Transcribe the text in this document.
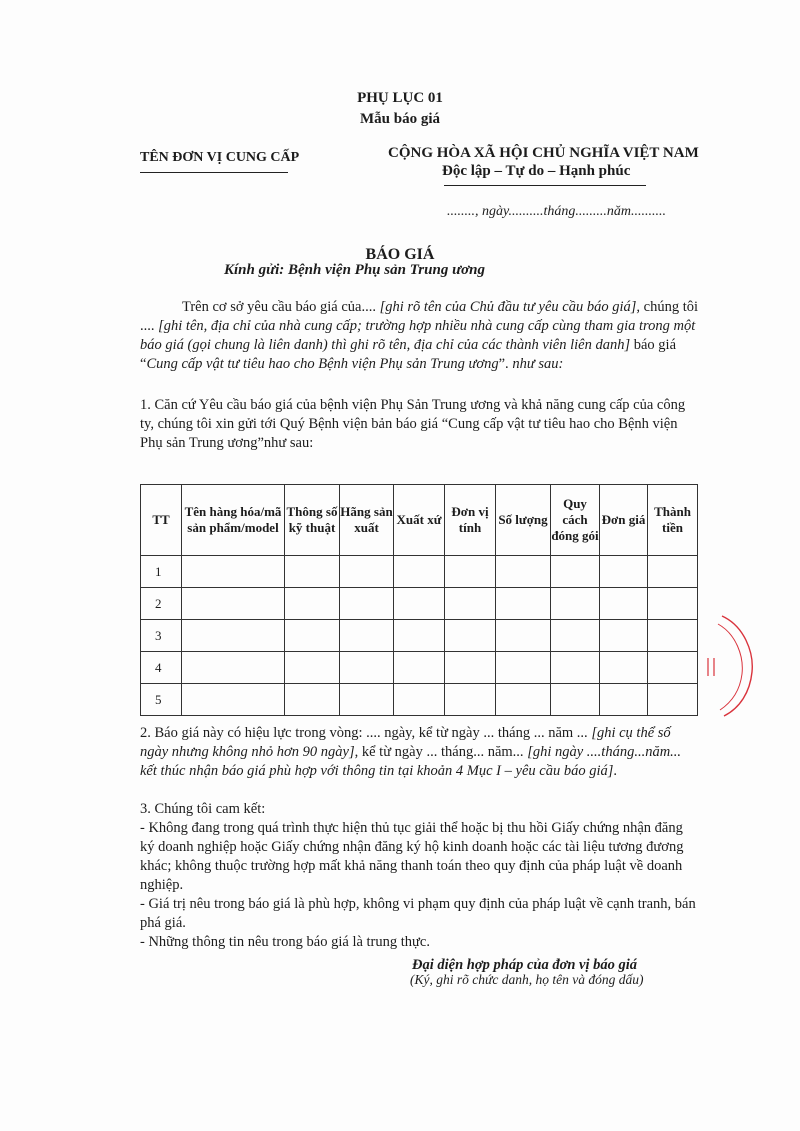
PHỤ LỤC 01
Mẫu báo giá
TÊN ĐƠN VỊ CUNG CẤP	CỘNG HÒA XÃ HỘI CHỦ NGHĨA VIỆT NAM
Độc lập – Tự do – Hạnh phúc
........, ngày..........tháng.........năm..........
BÁO GIÁ
Kính gửi: Bệnh viện Phụ sản Trung ương
Trên cơ sở yêu cầu báo giá của.... [ghi rõ tên của Chủ đầu tư yêu cầu báo giá], chúng tôi .... [ghi tên, địa chỉ của nhà cung cấp; trường hợp nhiều nhà cung cấp cùng tham gia trong một báo giá (gọi chung là liên danh) thì ghi rõ tên, địa chỉ của các thành viên liên danh] báo giá “Cung cấp vật tư tiêu hao cho Bệnh viện Phụ sản Trung ương”. như sau:
1. Căn cứ Yêu cầu báo giá của bệnh viện Phụ Sản Trung ương và khả năng cung cấp của công ty, chúng tôi xin gửi tới Quý Bệnh viện bản báo giá “Cung cấp vật tư tiêu hao cho Bệnh viện Phụ sản Trung ương”như sau:
TT	Tên hàng hóa/mã sản phẩm/model	Thông số kỹ thuật	Hãng sản xuất	Xuất xứ	Đơn vị tính	Số lượng	Quy cách đóng gói	Đơn giá	Thành tiền
1									
2									
3									
4									
5									
2. Báo giá này có hiệu lực trong vòng: .... ngày, kể từ ngày ... tháng ... năm ... [ghi cụ thể số ngày nhưng không nhỏ hơn 90 ngày], kể từ ngày ... tháng... năm... [ghi ngày ....tháng...năm... kết thúc nhận báo giá phù hợp với thông tin tại khoản 4 Mục I – yêu cầu báo giá].
3. Chúng tôi cam kết:
- Không đang trong quá trình thực hiện thủ tục giải thể hoặc bị thu hồi Giấy chứng nhận đăng ký doanh nghiệp hoặc Giấy chứng nhận đăng ký hộ kinh doanh hoặc các tài liệu tương đương khác; không thuộc trường hợp mất khả năng thanh toán theo quy định của pháp luật về doanh nghiệp.
- Giá trị nêu trong báo giá là phù hợp, không vi phạm quy định của pháp luật về cạnh tranh, bán phá giá.
- Những thông tin nêu trong báo giá là trung thực.
Đại diện hợp pháp của đơn vị báo giá
(Ký, ghi rõ chức danh, họ tên và đóng dấu)
